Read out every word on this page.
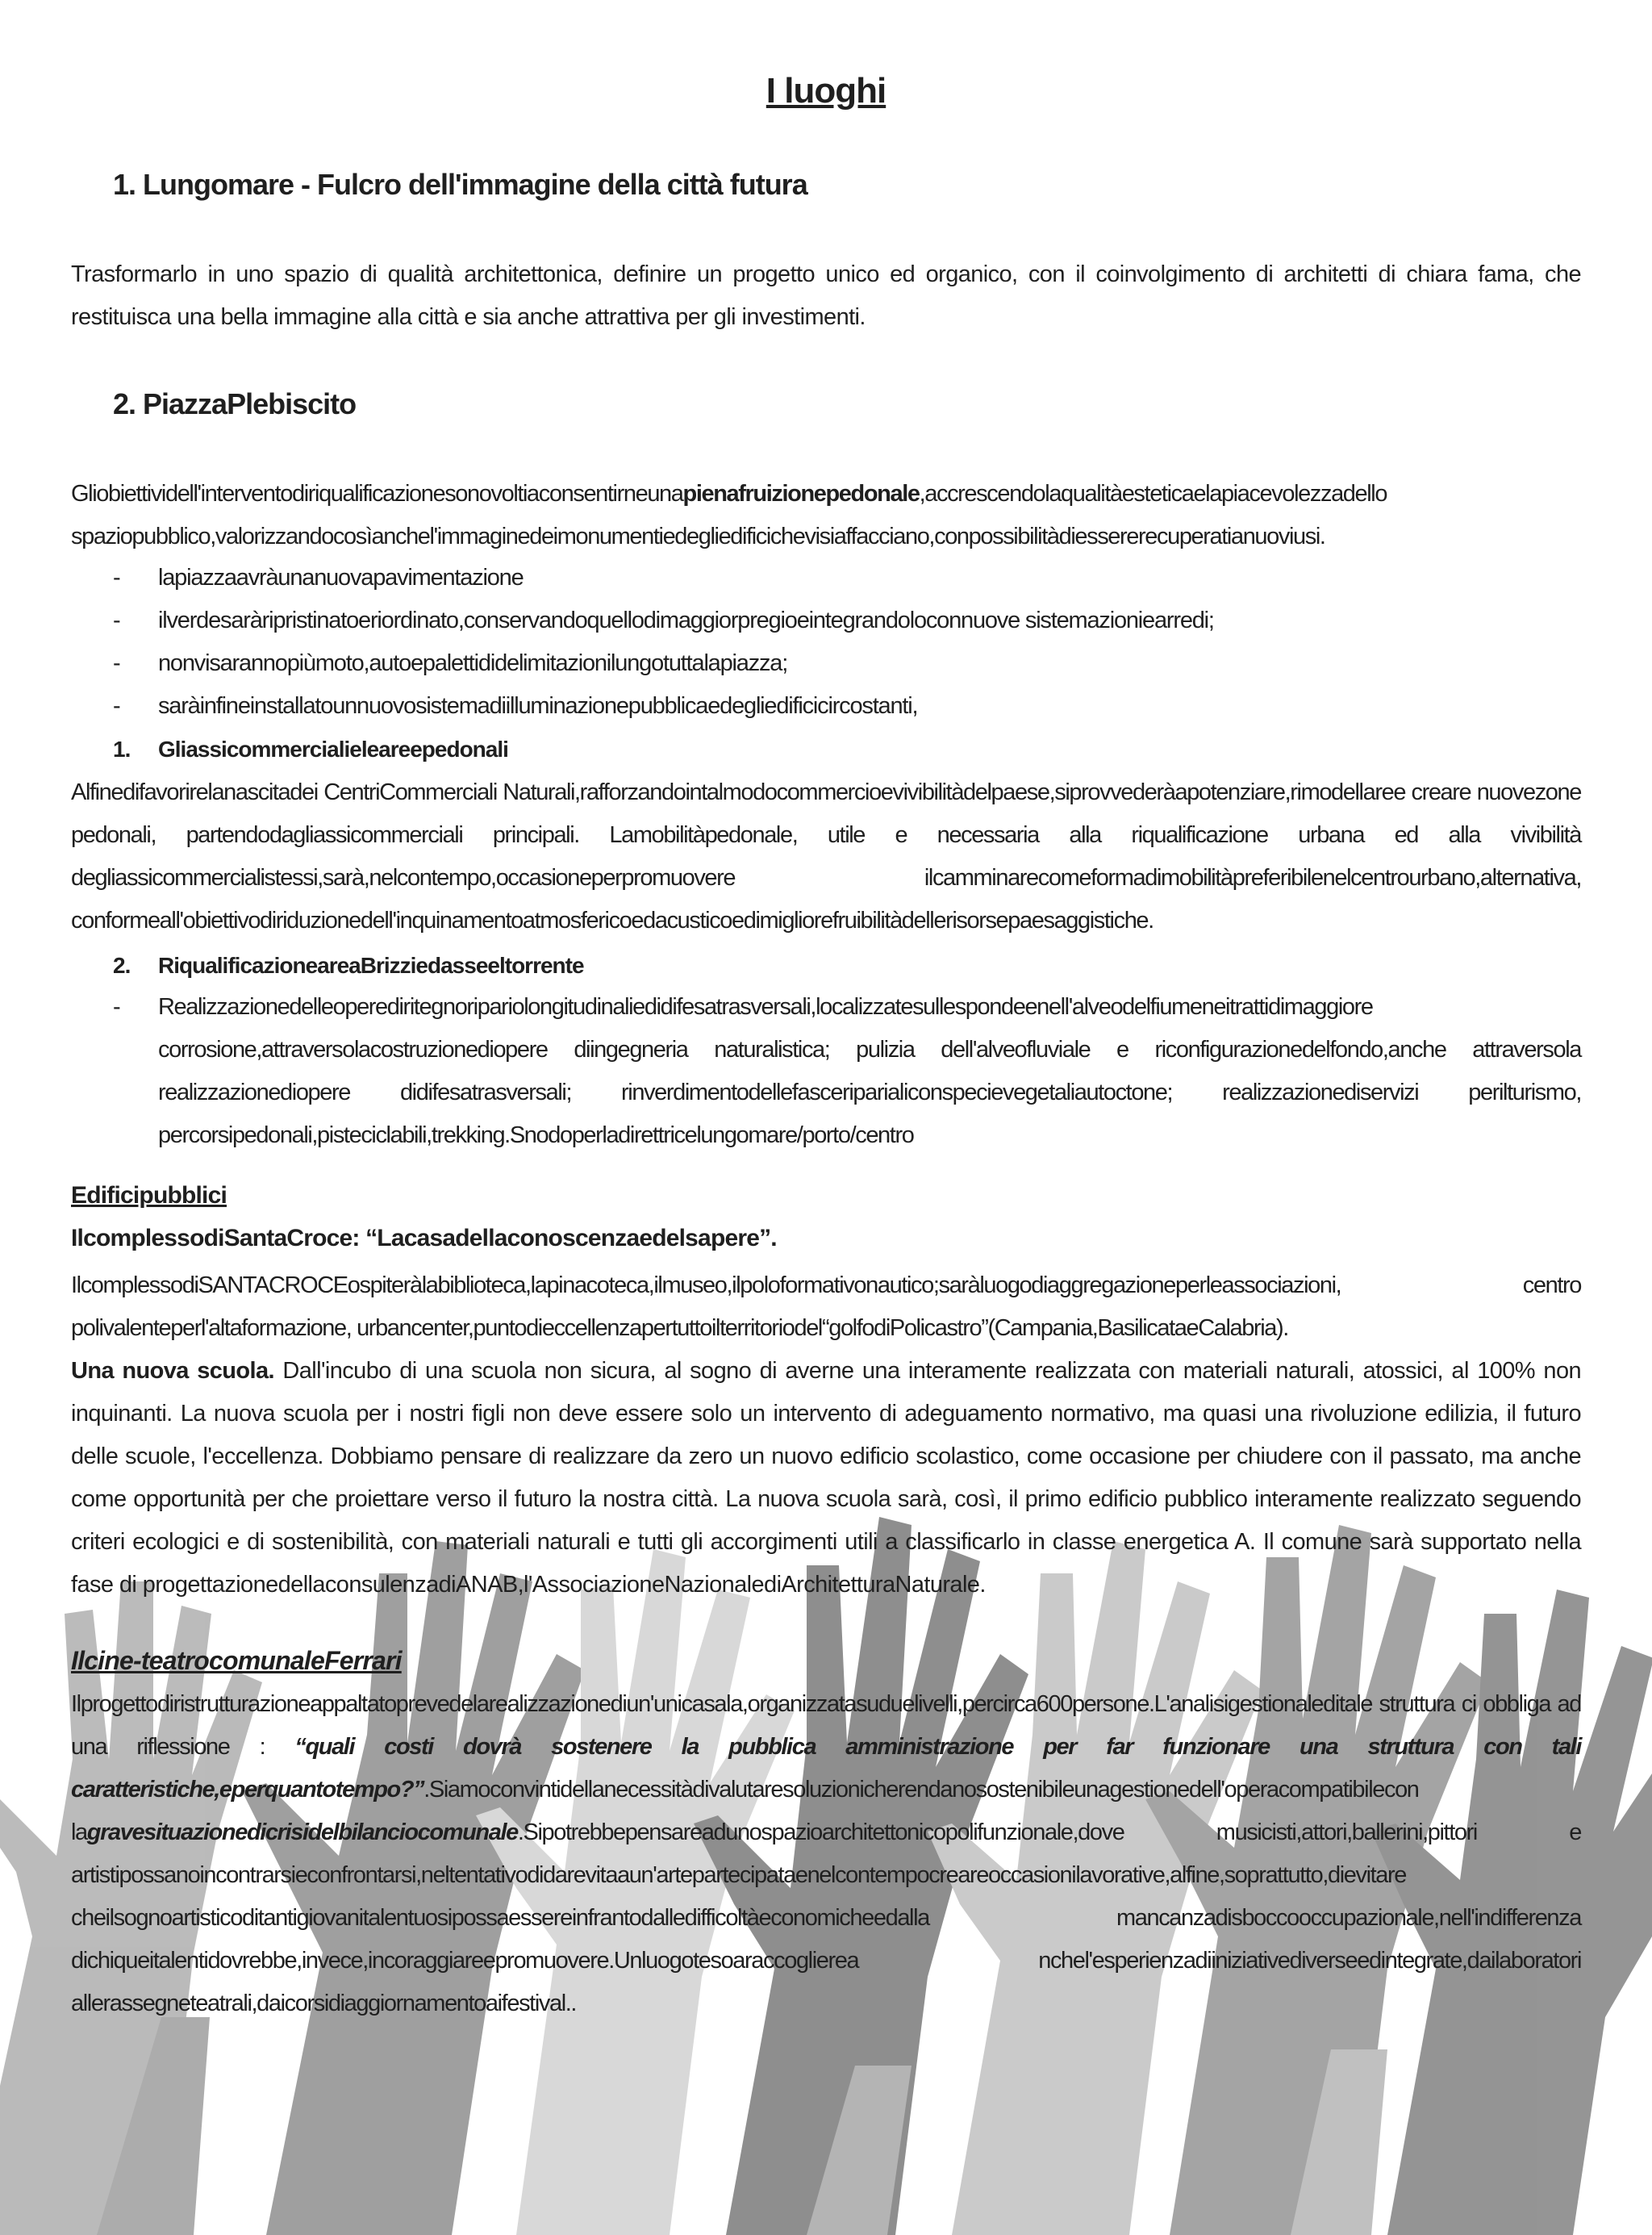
I luoghi
1. Lungomare - Fulcro dell'immagine della città futura
Trasformarlo in uno spazio di qualità architettonica, definire un progetto unico ed organico, con il coinvolgimento di architetti di chiara fama, che restituisca una bella immagine alla città e sia anche attrattiva per gli investimenti.
2. PiazzaPlebiscito
Gliobiettividell'interventodiriqualificazionesonovoltiaconsentirneunapienafruizionepedonale,accrescendolaqualitàesteticaelapiacevolezzadello spaziopubblico,valorizzandocosìanchel'immaginedeimonumentiedegliedificichevisiaffacciano,conpossibilitàdiessererecuperatianuoviusi.
- lapiazzaavràunanuovapavimentazione
- ilverdesaràripristinatoeriordinato,conservandoquellodimaggiorpregioeintegrandoloconnuove sistemazioniearredi;
- nonvisarannopiùmoto,autoepalettididelimitazionilungotuttalapiazza;
- saràinfineinstallatounnuovosistemadiilluminazionepubblicaedegliedificicircostanti,
1. Gliassicommercialieleareepedonali
Alfinedifavorirelanascitadei CentriCommerciali Naturali,rafforzandointalmodocommercioevivibilitàdelpaese,siprovvederàapotenziare,rimodellaree creare nuovezone pedonali, partendodagliassicommerciali principali. Lamobilitàpedonale, utile e necessaria alla riqualificazione urbana ed alla vivibilità degliassicommercialistessi,sarà,nelcontempo,occasioneperpromuovere ilcamminarecomeformadimobilitàpreferibilenelcentrourbano,alternativa, conformeall'obiettivodiriduzionedell'inquinamentoatmosfericoedacusticoedimigliorefruibilitàdellerisorsepaesaggistiche.
2. RiqualificazioneareaBrizziedasseeltorrente
- Realizzazionedelleoperediritegnoripariolongitudinaliedidifesatrasversali,localizzatesullespondeenell'alveodelfiumeneitrattidimaggiore corrosione,attraversolacostruzionediopere diingegneria naturalistica; pulizia dell'alveofluviale e riconfigurazionedelfondo,anche attraversola realizzazionediopere didifesatrasversali; rinverdimentodellefasceriparialiconspecievegetaliautoctone; realizzazionediservizi perilturismo, percorsipedonali,pisteciclabili,trekking.Snodoperladirettricelungomare/porto/centro
Edificipubblici
IlcomplessodiSantaCroce: “Lacasadellaconoscenzaedelsapere”.
IlcomplessodiSANTACROCEospiteràlabiblioteca,lapinacoteca,ilmuseo,ilpoloformativonautico;saràluogodiaggregazioneperleassociazioni, centro polivalenteperl'altaformazione, urbancenter,puntodieccellenzapertuttoilterritoriodel“golfodiPolicastro”(Campania,BasilicataeCalabria).
Una nuova scuola. Dall'incubo di una scuola non sicura, al sogno di averne una interamente realizzata con materiali naturali, atossici, al 100% non inquinanti. La nuova scuola per i nostri figli non deve essere solo un intervento di adeguamento normativo, ma quasi una rivoluzione edilizia, il futuro delle scuole, l'eccellenza. Dobbiamo pensare di realizzare da zero un nuovo edificio scolastico, come occasione per chiudere con il passato, ma anche come opportunità per che proiettare verso il futuro la nostra città. La nuova scuola sarà, così, il primo edificio pubblico interamente realizzato seguendo criteri ecologici e di sostenibilità, con materiali naturali e tutti gli accorgimenti utili a classificarlo in classe energetica A. Il comune sarà supportato nella fase di progettazionedellaconsulenzadiANAB,l'AssociazioneNazionalediArchitetturaNaturale.
Ilcine-teatrocomunaleFerrari
Ilprogettodiristrutturazioneappaltatoprevedelarealizzazionediun'unicasala,organizzatasuduelivelli,percirca600persone.L'analisigestionaleditale struttura ci obbliga ad una riflessione : “quali costi dovrà sostenere la pubblica amministrazione per far funzionare una struttura con tali caratteristiche,eperquantotempo?”.Siamoconvintidellanecessitàdivalutaresoluzionicherendanosostenibileunagestionedell'operacompatibilecon lagravesituazionedicrisidelbilanciocomunale.Sipotrebbepensareadunospazioarchitettonicopolifunzionale,dove musicisti,attori,ballerini,pittori e artistipossanoincontrarsieconfrontarsi,neltentativodidarevitaaun'artepartecipataenelcontempocreareoccasionilavorative,alfine,soprattutto,dievitare cheilsognoartisticoditantigiovanitalentuosipossaessereinfrantodalledifficoltàeconomicheedalla mancanzadisboccooccupazionale,nell'indifferenza dichiqueitalentidovrebbe,invece,incoraggiareepromuovere.Unluogotesoaraccoglierea nchel'esperienzadiiniziativediverseedintegrate,dailaboratori allerassegneteatrali,daicorsidiaggiornamentoaifestival..
